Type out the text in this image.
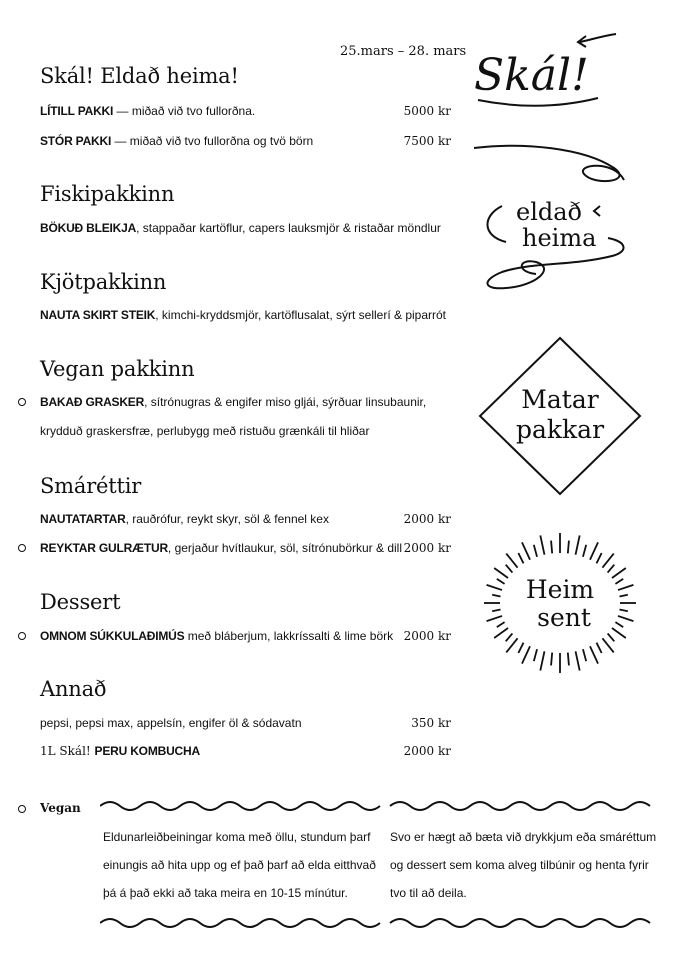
25.mars – 28. mars
Skál! Eldað heima!
LÍTILL PAKKI — miðað við tvo fullorðna.	5000 kr
STÓR PAKKI — miðað við tvo fullorðna og tvö börn	7500 kr
Fiskipakkinn
BÖKUÐ BLEIKJA, stappaðar kartöflur, capers lauksmjör & ristaðar möndlur
Kjötpakkinn
NAUTA SKIRT STEIK, kimchi-kryddsmjör, kartöflusalat, sýrt sellerí & piparrót
Vegan pakkinn
BAKAÐ GRASKER, sítrónugras & engifer miso gljái, sýrðuar linsubaunir,
krydduð graskersfræ, perlubygg með ristuðu grænkáli til hliðar
Smáréttir
NAUTATARTAR, rauðrófur, reykt skyr, söl & fennel kex	2000 kr
REYKTAR GULRÆTUR, gerjaður hvítlaukur, söl, sítrónubörkur & dill 2000 kr
Dessert
OMNOM SÚKKULAÐIMÚS með bláberjum, lakkríssalti & lime börk 2000 kr
Annað
pepsi, pepsi max, appelsín, engifer öl & sódavatn	350 kr
1L Skál! PERU KOMBUCHA	2000 kr
Vegan
Eldunarleiðbeiningar koma með öllu, stundum þarf
einungis að hita upp og ef það þarf að elda eitthvað
þá á það ekki að taka meira en 10-15 mínútur.
Svo er hægt að bæta við drykkjum eða smáréttum
og dessert sem koma alveg tilbúnir og henta fyrir
tvo til að deila.
Skál!
eldað
heima
Matar
pakkar
Heim
sent
